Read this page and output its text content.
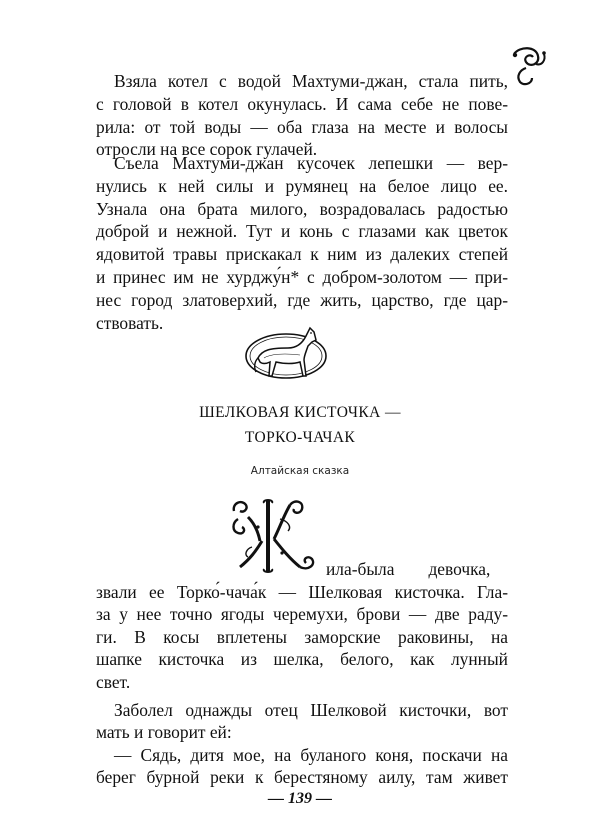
Взяла котел с водой Махтуми-джан, стала пить,
с головой в котел окунулась. И сама себе не пове-
рила: от той воды — оба глаза на месте и волосы
отросли на все сорок гулачей.
Съела Махтуми-джан кусочек лепешки — вер-
нулись к ней силы и румянец на белое лицо ее.
Узнала она брата милого, возрадовалась радостью
доброй и нежной. Тут и конь с глазами как цветок
ядовитой травы прискакал к ним из далеких степей
и принес им не хурджу́н* с добром-золотом — при-
нес город златоверхий, где жить, царство, где цар-
ствовать.
ШЕЛКОВАЯ КИСТОЧКА —
ТОРКО-ЧАЧАК
Алтайская сказка
ила-была девочка,
звали ее Торко́-чача́к — Шелковая кисточка. Гла-
за у нее точно ягоды черемухи, брови — две раду-
ги. В косы вплетены заморские раковины, на
шапке кисточка из шелка, белого, как лунный
свет.
Заболел однажды отец Шелковой кисточки, вот
мать и говорит ей:
— Сядь, дитя мое, на буланого коня, поскачи на
берег бурной реки к берестяному аилу, там живет
— 139 —
